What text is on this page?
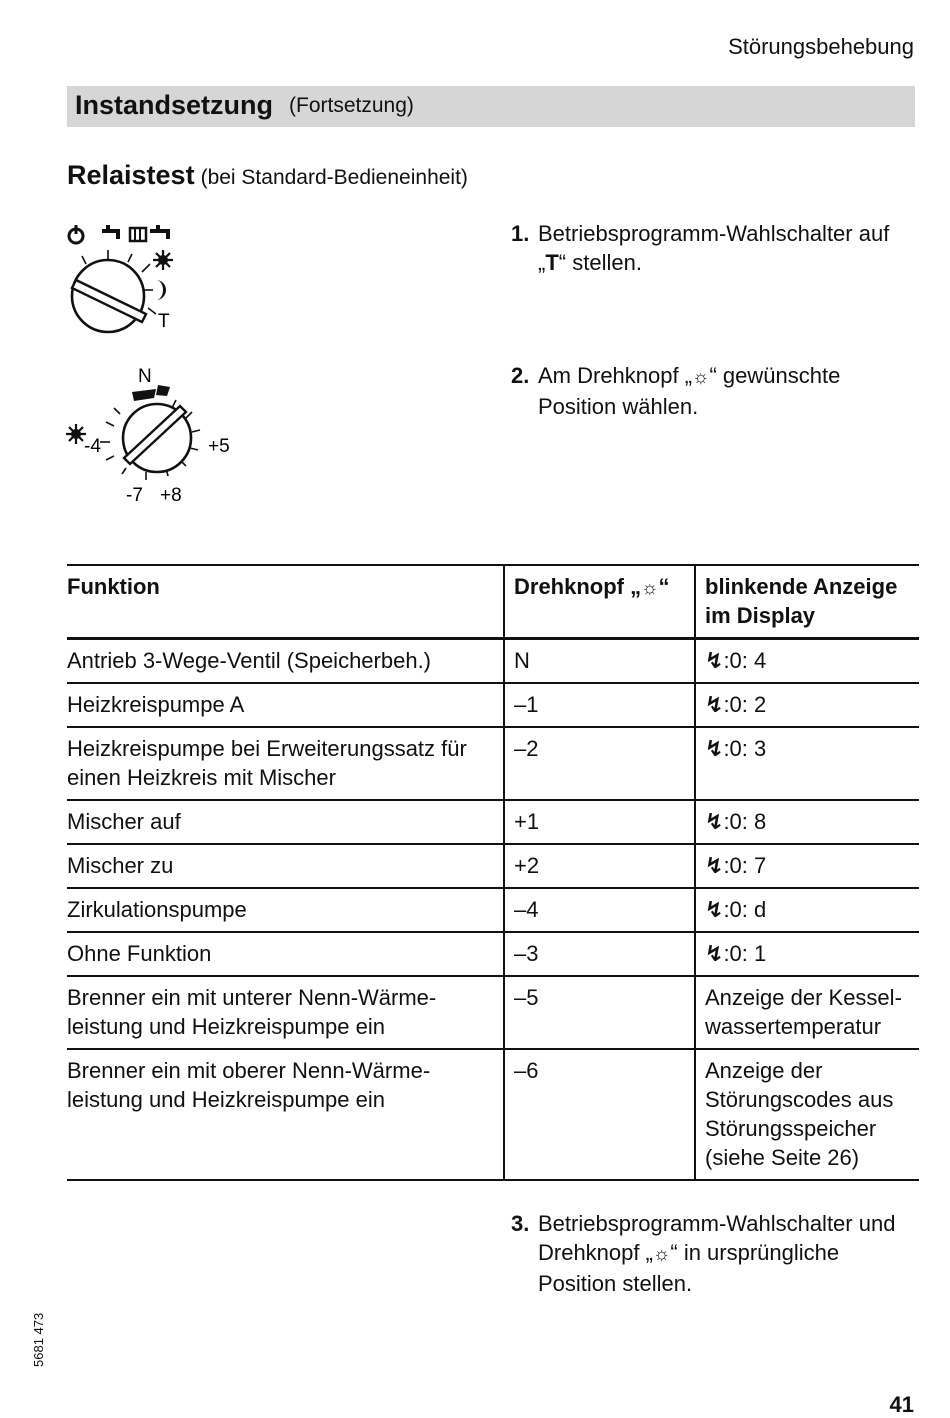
Störungsbehebung
Instandsetzung (Fortsetzung)
Relaistest (bei Standard-Bedieneinheit)
T
N
-4	+5
-7 +8
1. Betriebsprogramm-Wahlschalter auf „T“ stellen.
2. Am Drehknopf „☼“ gewünschte Position wählen.
Funktion	Drehknopf „☼“	blinkende Anzeige im Display
Antrieb 3-Wege-Ventil (Speicherbeh.)	N	↯:0: 4
Heizkreispumpe A	–1	↯:0: 2
Heizkreispumpe bei Erweiterungssatz für einen Heizkreis mit Mischer	–2	↯:0: 3
Mischer auf	+1	↯:0: 8
Mischer zu	+2	↯:0: 7
Zirkulationspumpe	–4	↯:0: d
Ohne Funktion	–3	↯:0: 1
Brenner ein mit unterer Nenn-Wärmeleistung und Heizkreispumpe ein	–5	Anzeige der Kesselwassertemperatur
Brenner ein mit oberer Nenn-Wärmeleistung und Heizkreispumpe ein	–6	Anzeige der Störungscodes aus Störungsspeicher (siehe Seite 26)
3. Betriebsprogramm-Wahlschalter und Drehknopf „☼“ in ursprüngliche Position stellen.
5681 473
41
